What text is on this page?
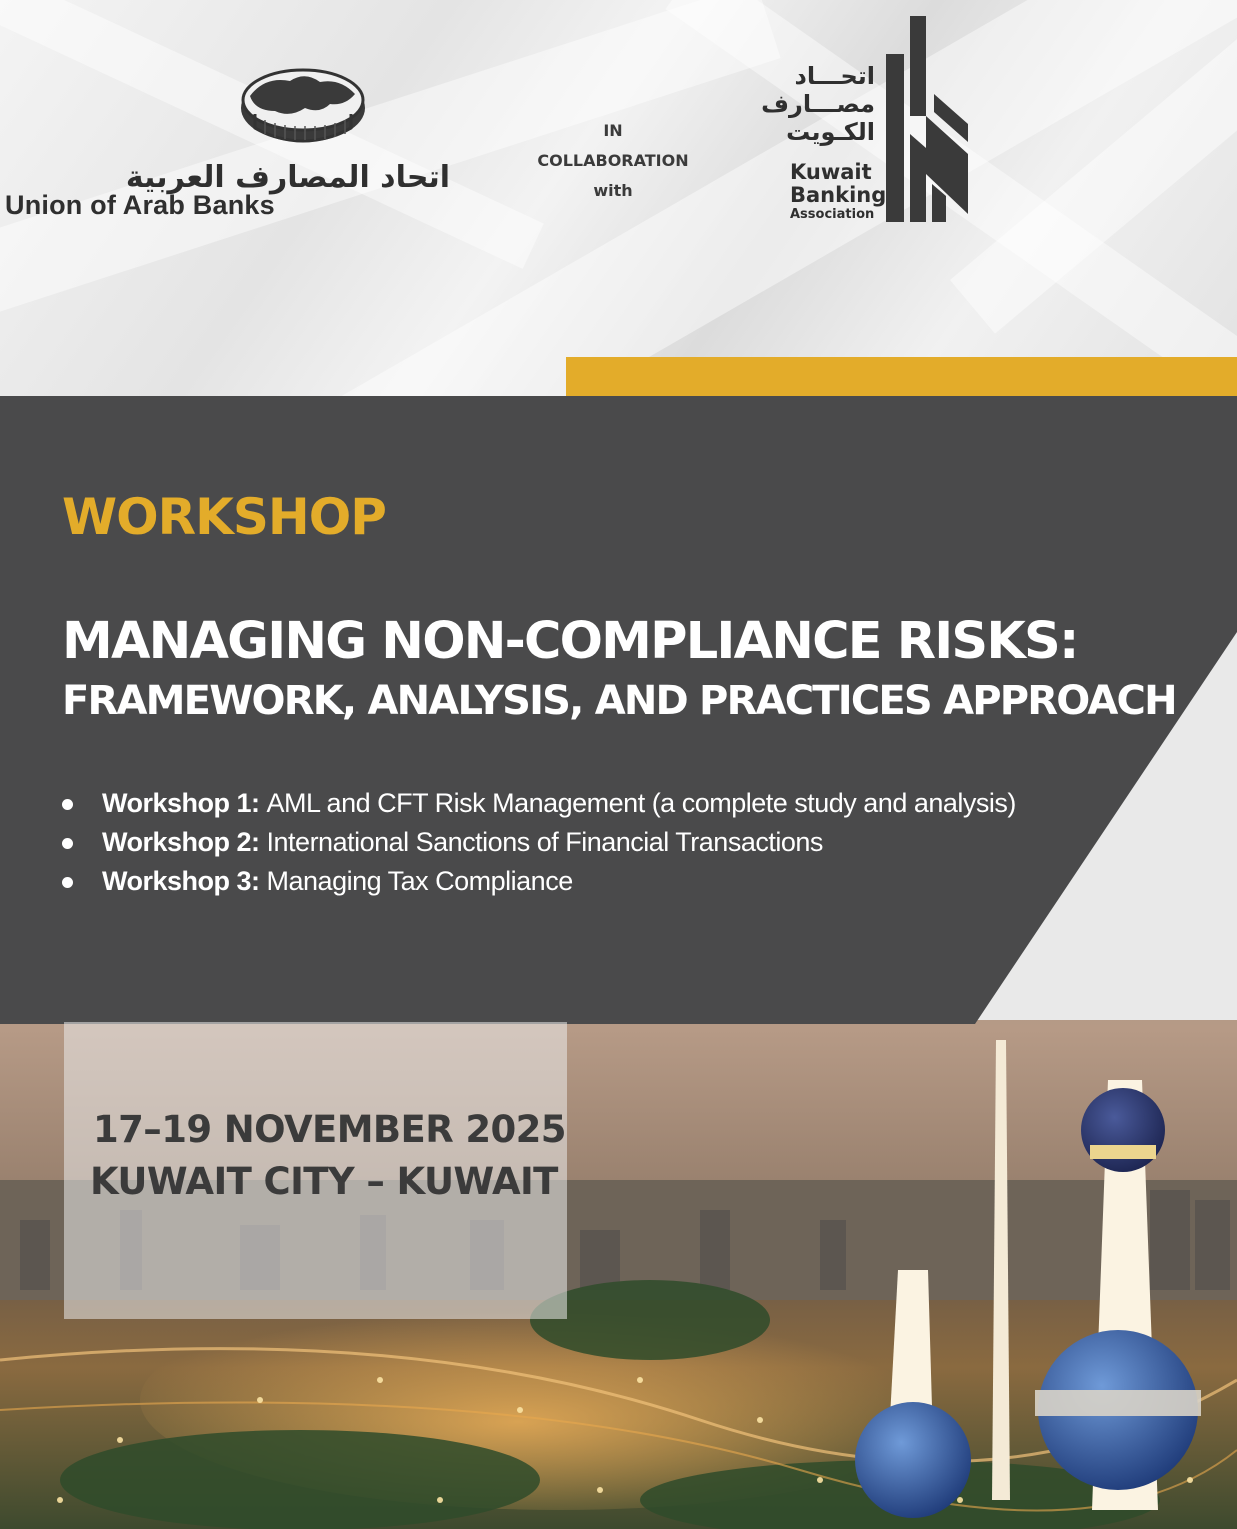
اتحاد المصارف العربية
Union of Arab Banks
IN
COLLABORATION
with
اتحـــاد
مصـــارف
الكـويت
Kuwait
Banking
Association
WORKSHOP
MANAGING NON-COMPLIANCE RISKS:
FRAMEWORK, ANALYSIS, AND PRACTICES APPROACH
Workshop 1: AML and CFT Risk Management (a complete study and analysis)
Workshop 2: International Sanctions of Financial Transactions
Workshop 3: Managing Tax Compliance
17–19 NOVEMBER 2025
KUWAIT CITY – KUWAIT
